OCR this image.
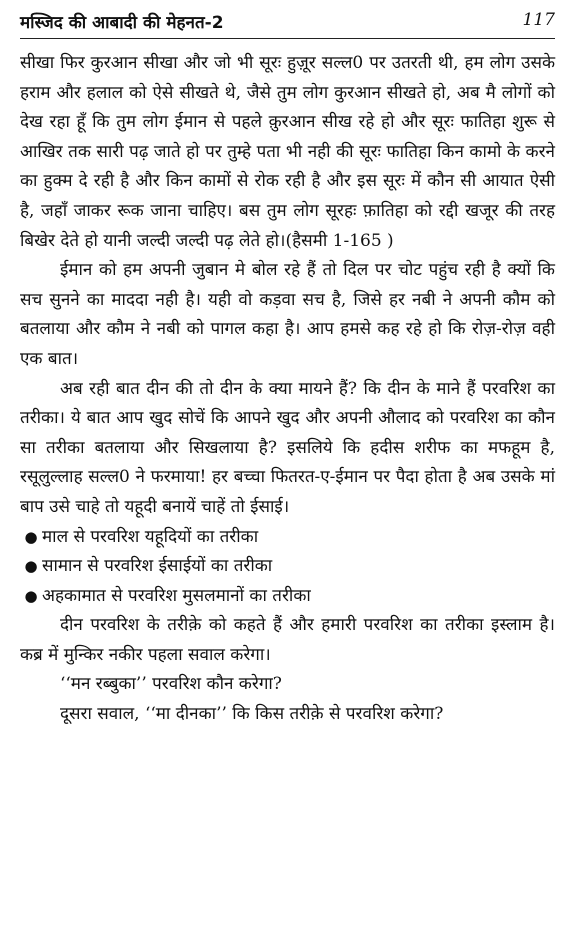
मस्जिद की आबादी की मेहनत-2	117

सीखा फिर कुरआन सीखा और जो भी सूरः हुज़ूर सल्ल0 पर उतरती थी, हम लोग उसके हराम और हलाल को ऐसे सीखते थे, जैसे तुम लोग कुरआन सीखते हो, अब मै लोगों को देख रहा हूँ कि तुम लोग ईमान से पहले क़ुरआन सीख रहे हो और सूरः फातिहा शुरू से आखिर तक सारी पढ़ जाते हो पर तुम्हे पता भी नही की सूरः फातिहा किन कामो के करने का हुक्म दे रही है और किन कामों से रोक रही है और इस सूरः में कौन सी आयात ऐसी है, जहाँ जाकर रूक जाना चाहिए। बस तुम लोग सूरहः फ़ातिहा को रद्दी खजूर की तरह बिखेर देते हो यानी जल्दी जल्दी पढ़ लेते हो।(हैसमी 1-165 )

ईमान को हम अपनी जुबान मे बोल रहे हैं तो दिल पर चोट पहुंच रही है क्यों कि सच सुनने का माददा नही है। यही वो कड़वा सच है, जिसे हर नबी ने अपनी कौम को बतलाया और कौम ने नबी को पागल कहा है। आप हमसे कह रहे हो कि रोज़-रोज़ वही एक बात।

अब रही बात दीन की तो दीन के क्या मायने हैं? कि दीन के माने हैं परवरिश का तरीका। ये बात आप खुद सोचें कि आपने खुद और अपनी औलाद को परवरिश का कौन सा तरीका बतलाया और सिखलाया है? इसलिये कि हदीस शरीफ का मफहूम है, रसूलुल्लाह सल्ल0 ने फरमाया! हर बच्चा फितरत-ए-ईमान पर पैदा होता है अब उसके मां बाप उसे चाहे तो यहूदी बनायें चाहें तो ईसाई।

● माल से परवरिश यहूदियों का तरीका
● सामान से परवरिश ईसाईयों का तरीका
● अहकामात से परवरिश मुसलमानों का तरीका

दीन परवरिश के तरीक़े को कहते हैं और हमारी परवरिश का तरीका इस्लाम है। कब्र में मुन्किर नकीर पहला सवाल करेगा।

‘‘मन रब्बुका’’ परवरिश कौन करेगा?

दूसरा सवाल, ‘‘मा दीनका’’ कि किस तरीक़े से परवरिश करेगा?
